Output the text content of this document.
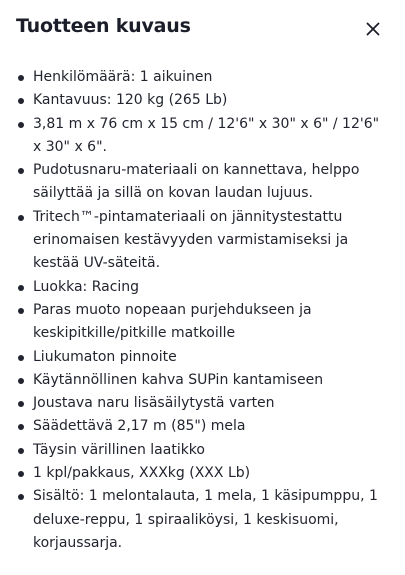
Tuotteen kuvaus
Henkilömäärä: 1 aikuinen
Kantavuus: 120 kg (265 Lb)
3,81 m x 76 cm x 15 cm / 12'6" x 30" x 6" / 12'6" x 30" x 6".
Pudotusnaru-materiaali on kannettava, helppo säilyttää ja sillä on kovan laudan lujuus.
Tritech™-pintamateriaali on jännitystestattu erinomaisen kestävyyden varmistamiseksi ja kestää UV-säteitä.
Luokka: Racing
Paras muoto nopeaan purjehdukseen ja keskipitkille/pitkille matkoille
Liukumaton pinnoite
Käytännöllinen kahva SUPin kantamiseen
Joustava naru lisäsäilytystä varten
Säädettävä 2,17 m (85") mela
Täysin värillinen laatikko
1 kpl/pakkaus, XXXkg (XXX Lb)
Sisältö: 1 melontalauta, 1 mela, 1 käsipumppu, 1 deluxe-reppu, 1 spiraaliköysi, 1 keskisuomi, korjaussarja.
